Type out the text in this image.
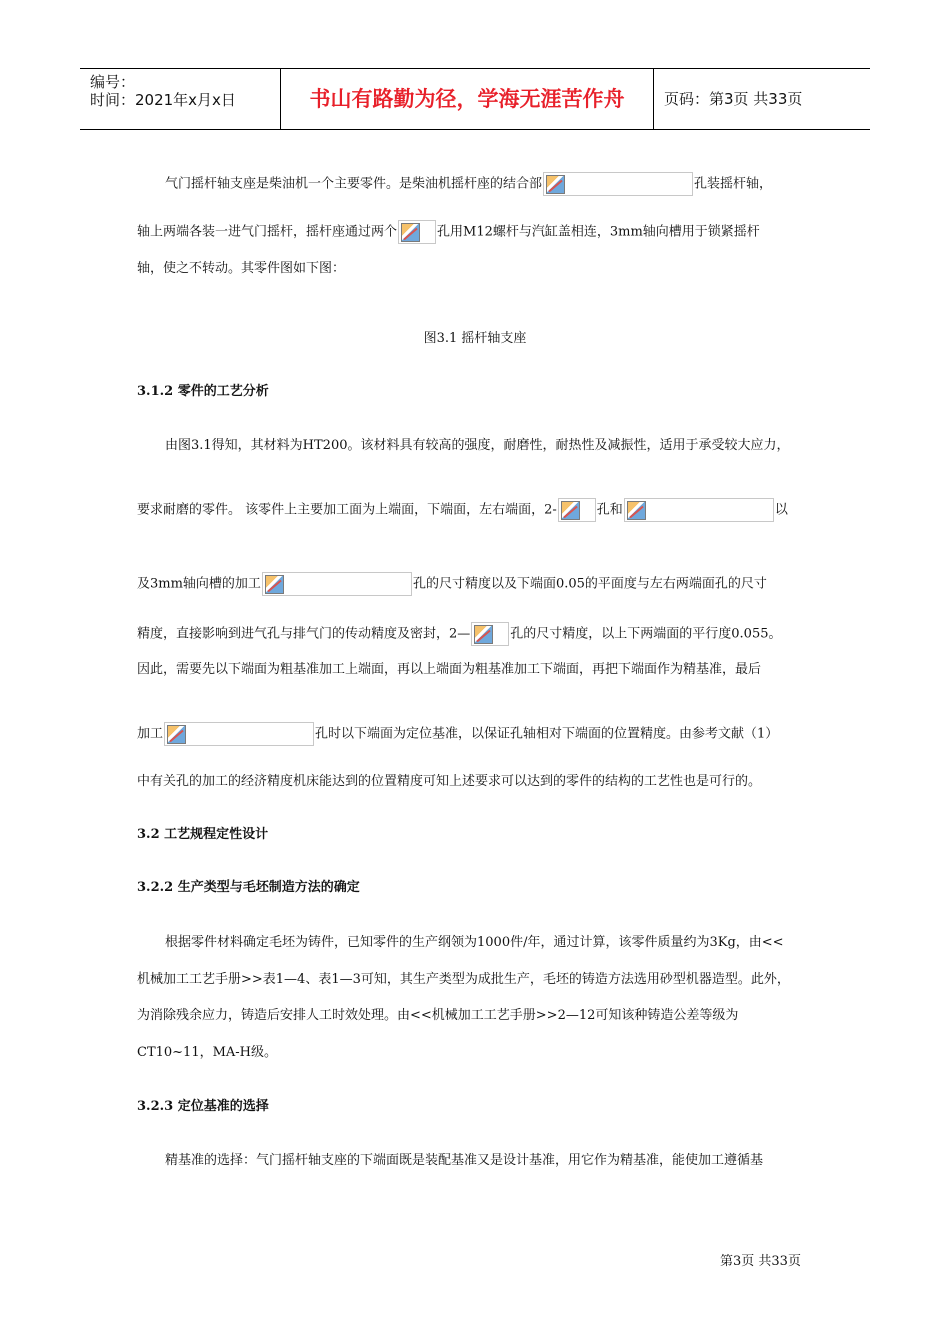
编号：
时间：2021年x月x日	书山有路勤为径，学海无涯苦作舟	页码：第3页 共33页
气门摇杆轴支座是柴油机一个主要零件。是柴油机摇杆座的结合部	孔装摇杆轴，
轴上两端各装一进气门摇杆，摇杆座通过两个	孔用M12螺杆与汽缸盖相连，3mm轴向槽用于锁紧摇杆
轴，使之不转动。其零件图如下图：
图3.1 摇杆轴支座
3.1.2 零件的工艺分析
由图3.1得知，其材料为HT200。该材料具有较高的强度，耐磨性，耐热性及减振性，适用于承受较大应力，
要求耐磨的零件。 该零件上主要加工面为上端面，下端面，左右端面，2-	孔和	以
及3mm轴向槽的加工	孔的尺寸精度以及下端面0.05的平面度与左右两端面孔的尺寸
精度，直接影响到进气孔与排气门的传动精度及密封，2—	孔的尺寸精度，以上下两端面的平行度0.055。
因此，需要先以下端面为粗基准加工上端面，再以上端面为粗基准加工下端面，再把下端面作为精基准，最后
加工	孔时以下端面为定位基准，以保证孔轴相对下端面的位置精度。由参考文献（1）
中有关孔的加工的经济精度机床能达到的位置精度可知上述要求可以达到的零件的结构的工艺性也是可行的。
3.2 工艺规程定性设计
3.2.2 生产类型与毛坯制造方法的确定
根据零件材料确定毛坯为铸件，已知零件的生产纲领为1000件/年，通过计算，该零件质量约为3Kg，由<<
机械加工工艺手册>>表1—4、表1—3可知，其生产类型为成批生产，毛坯的铸造方法选用砂型机器造型。此外，
为消除残余应力，铸造后安排人工时效处理。由<<机械加工工艺手册>>2—12可知该种铸造公差等级为
CT10~11，MA-H级。
3.2.3 定位基准的选择
精基准的选择：气门摇杆轴支座的下端面既是装配基准又是设计基准，用它作为精基准，能使加工遵循基
第3页 共33页
